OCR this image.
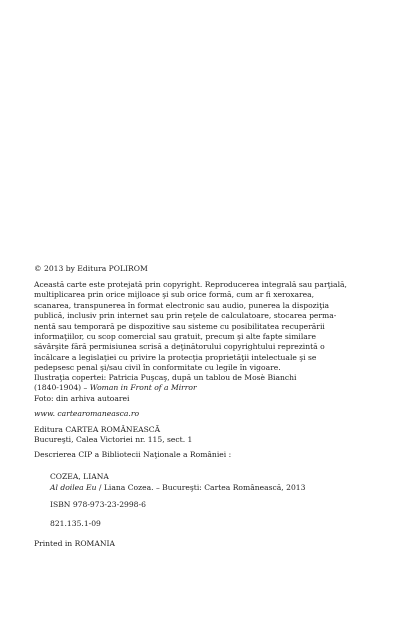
© 2013 by Editura POLIROM

Această carte este protejată prin copyright. Reproducerea integrală sau parţială,

multiplicarea prin orice mijloace şi sub orice formă, cum ar fi xeroxarea,

scanarea, transpunerea în format electronic sau audio, punerea la dispoziţia

publică, inclusiv prin internet sau prin reţele de calculatoare, stocarea perma-

nentă sau temporară pe dispozitive sau sisteme cu posibilitatea recuperării

informaţiilor, cu scop comercial sau gratuit, precum şi alte fapte similare

săvârşite fără permisiunea scrisă a deţinătorului copyrightului reprezintă o

încălcare a legislaţiei cu privire la protecţia proprietăţii intelectuale şi se

pedepsesc penal şi/sau civil în conformitate cu legile în vigoare.

Ilustraţia copertei: Patricia Puşcaş, după un tablou de Mosè Bianchi

(1840-1904) – Woman in Front of a Mirror

Foto: din arhiva autoarei

www. cartearomaneasca.ro

Editura CARTEA ROMÂNEASCĂ

Bucureşti, Calea Victoriei nr. 115, sect. 1

Descrierea CIP a Bibliotecii Naţionale a României :

COZEA, LIANA

Al doilea Eu / Liana Cozea. – Bucureşti: Cartea Românească, 2013

ISBN 978-973-23-2998-6

821.135.1-09

Printed in ROMANIA
